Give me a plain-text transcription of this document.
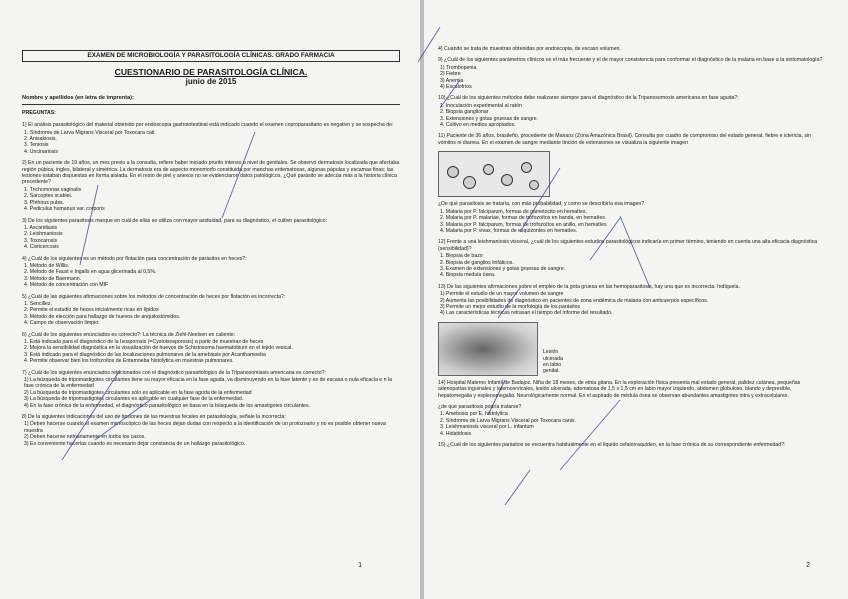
EXAMEN DE MICROBIOLOGÍA Y PARASITOLOGÍA CLÍNICAS. GRADO FARMACIA
CUESTIONARIO DE PARASITOLOGÍA CLÍNICA.
junio de 2015
Nombre y apellidos (en letra de imprenta):
PREGUNTAS:
1) El análisis parasitológico del material obtenido por endoscopia gastrointestinal está indicado cuando el examen coproparasitario es negativo y se sospecha de:
1. Síndrome de Larva Migrans Visceral por Toxocara cati
2. Anisakiosis.
3. Teniosis
4. Uncinariosis
2) En un paciente de 19 años, un mes previo a la consulta, refiere haber iniciado prurito intenso a nivel de genitales. Se observó dermatosis localizada que afectaba región púbica, ingles, bilateral y simétrica. La dermatosis era de aspecto monomorfo constituida por manchas eritematosas, algunas pápulas y escamas finas; las lesiones estaban dispuestas en forma aislada. En el resto de piel y anexos no se evidenciaron datos patológicos. ¿Qué parásito se adecúa más a la historia clínica precedente?
1. Trichomonas vaginalis
2. Sarcoptes scabiei.
3. Phthirus pubis.
4. Pediculus humanus var. corporis
3) De los siguientes parasitosis marque en cuál de ellas se utiliza con mayor asiduidad, para su diagnóstico, el cultivo parasitológico:
1. Ascaridiasis
2. Leishmaniosis
3. Toxocarosis
4. Cisticercosis
4) ¿Cuál de los siguientes es un método por flotación para concentración de parásitos en heces?:
1. Método de Willis.
2. Método de Faust e Ingalls en agua glicerinada al 0,5%.
3. Método de Baermann.
4. Método de concentración con MIF
5) ¿Cuál de las siguientes afirmaciones sobre los métodos de concentración de heces por flotación es incorrecta?:
1. Sencillez.
2. Permite el estudio de heces inicialmente ricas en lípidos
3. Método de elección para hallazgo de huevos de anquilostómidos.
4. Campo de observación limpio.
6) ¿Cuál de los siguientes enunciados es correcto?: La técnica de Ziehl-Neelsen en caliente:
1. Está indicada para el diagnóstico de la Isosporosis (=Cystoisosporosis) a partir de muestras de heces
2. Mejora la sensibilidad diagnóstica en la visualización de huevos de Schistosoma haematobium en el tejido vesical.
3. Está indicado para el diagnóstico de las localizaciones pulmonares de la amebiasis por Acanthamoeba
4. Permite observar bien los trofozoítos de Entamoeba histolytica en muestras pulmonares.
7) ¿Cuál de los siguientes enunciados relacionados con el diagnóstico parasitológico de la Tripanosomiasis americana es correcto?:
1) La búsqueda de tripomastigotes circulantes tiene su mayor eficacia en la fase aguda, va disminuyendo en la fase latente y es de escasa o nula eficacia e n la fase crónica de la enfermedad
2) La búsqueda de tripomastigotes circulantes sólo es aplicable en la fase aguda de la enfermedad
3) La búsqueda de tripomastigotes circulantes es aplicable en cualquier fase de la enfermedad.
4) En la fase crónica de la enfermedad, el diagnóstico parasitológico se basa en la búsqueda de los amastigotes circulantes.
8) De la siguientes indicaciones del uso de tipsiones de las muestras fecales en parasitología, señale la incorrecta:
1) Deben hacerse cuando el examen microscópico de las heces dejan dudas con respecto a la identificación de un protozoario y no es posible obtener nueva muestra
2) Deben hacerse rutinariamente en todos los casos.
3) Es conveniente hacerlas cuando es necesario dejar constancia de un hallazgo parasitológico.
1
4) Cuando se trata de muestras obtenidas por endoscopia, de escaso volumen.
9) ¿Cuál de los siguientes parámetros clínicos es el más frecuente y el de mayor consistencia para conformar el diagnóstico de la malaria en base a la sintomatología?
1) Trombopenia
2) Fiebre
3) Anemia
4) Escalofríos
10) ¿Cuál de los siguientes métodos debe realizarse siempre para el diagnóstico de la Tripanosomosis americana en fase aguda?:
1. Inoculación experimental al ratón
2. Biopsia ganglionar
3. Extensiones y gotas gruesas de sangre.
4. Cultivo en medios apropiados.
11) Paciente de 36 años, brasileño, procedente de Manaos (Zona Amazónica Brasil). Consulta por cuadro de compromiso del estado general, fiebre e ictericia, sin vómitos ni diarrea. En el examen de sangre mediante tinción de extensiones se visualiza la siguiente imagen
¿De qué parasitosis se trataría, con más probabilidad, y como se describiría esa imagen?
1. Malaria por P. falciparum, formas de gametocito en hematíes.
2. Malaria por P. malariae, formas de trofozoítos en banda, en hematíes.
3. Malaria por P. falciparum, formas de trofozoítos en anillo, en hematíes
4. Malaria por P. vivax, formas de esquizontes en hematíes.
12) Frente a una leishmaniosis visceral, ¿cuál de los siguientes estudios parasitológicos indicaría en primer término, teniendo en cuenta una alta eficacia diagnóstica (sensibilidad)?
1. Biopsia de bazo
2. Biopsia de ganglios linfáticos.
3. Examen de extensiones y gotas gruesas de sangre.
4. Biopsia medula ósea.
13) De las siguientes afirmaciones sobre el empleo de la gota gruesa en las hemoparasitosis, hay una que es incorrecta. Indíquela.
1) Permite el estudio de un mayor volumen de sangre
2) Aumenta las posibilidades de diagnóstico en pacientes de zona endémica de malaria con anticuerpos específicos.
3) Permite un mejor estudio de la morfología de los parásitos
4) Las características técnicas retrasan el tiempo del informe del resultado.
Lesión ulcerada en labio genital.
14) Hospital Materno Infantil de Badajoz. Niña de 18 meses, de etnia gitana. En la exploración física presenta mal estado general, palidez cutánea, pequeñas adenopatías inguinales y laterocervicales, lesión ulcerada, edematosa de 1,5 x 1,5 cm en labio mayor izquierdo, abdomen globuloso, blando y depresible, hepatomegalia y esplenomegalia. Neurológicamente normal. En el aspirado de médula ósea se observan abundantes amastigotes intra y extracelulares.
¿de que parasitosis podría tratarse?
1. Amebosis por E. histolytica
2. Síndrome de Larva Migrans Visceral por Toxocara canis.
3. Leishmaniosis visceral por L. infantum
4. Hidatidosis
15) ¿Cuál de los siguientes parásitos se encuentra habitualmente en el líquido cefalorraquídeo, en la fase crónica de su correspondiente enfermedad?:
2
